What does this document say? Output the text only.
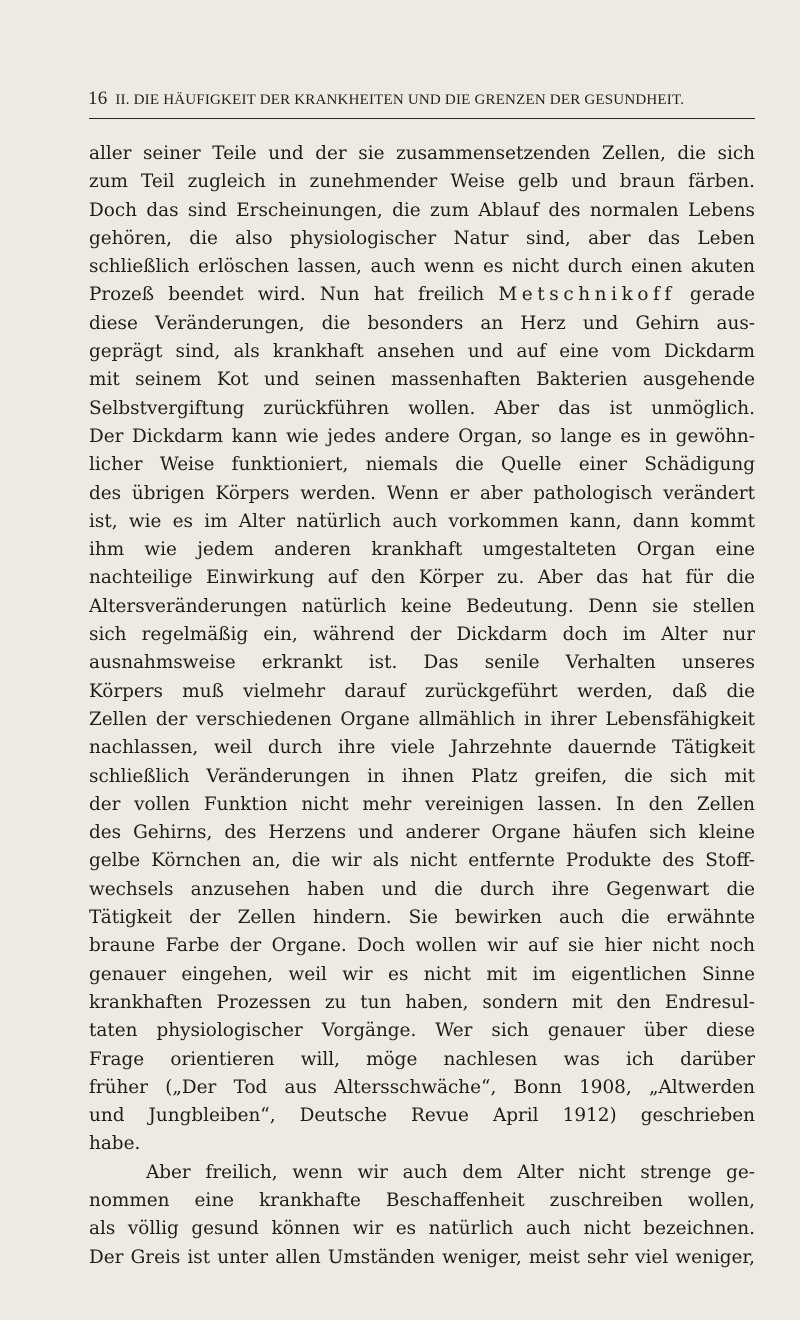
16 II. DIE HÄUFIGKEIT DER KRANKHEITEN UND DIE GRENZEN DER GESUNDHEIT.
aller seiner Teile und der sie zusammensetzenden Zellen, die sich
zum Teil zugleich in zunehmender Weise gelb und braun färben.
Doch das sind Erscheinungen, die zum Ablauf des normalen Lebens
gehören, die also physiologischer Natur sind, aber das Leben
schließlich erlöschen lassen, auch wenn es nicht durch einen akuten
Prozeß beendet wird. Nun hat freilich Metschnikoff gerade
diese Veränderungen, die besonders an Herz und Gehirn aus-
geprägt sind, als krankhaft ansehen und auf eine vom Dickdarm
mit seinem Kot und seinen massenhaften Bakterien ausgehende
Selbstvergiftung zurückführen wollen. Aber das ist unmöglich.
Der Dickdarm kann wie jedes andere Organ, so lange es in gewöhn-
licher Weise funktioniert, niemals die Quelle einer Schädigung
des übrigen Körpers werden. Wenn er aber pathologisch verändert
ist, wie es im Alter natürlich auch vorkommen kann, dann kommt
ihm wie jedem anderen krankhaft umgestalteten Organ eine
nachteilige Einwirkung auf den Körper zu. Aber das hat für die
Altersveränderungen natürlich keine Bedeutung. Denn sie stellen
sich regelmäßig ein, während der Dickdarm doch im Alter nur
ausnahmsweise erkrankt ist. Das senile Verhalten unseres
Körpers muß vielmehr darauf zurückgeführt werden, daß die
Zellen der verschiedenen Organe allmählich in ihrer Lebensfähigkeit
nachlassen, weil durch ihre viele Jahrzehnte dauernde Tätigkeit
schließlich Veränderungen in ihnen Platz greifen, die sich mit
der vollen Funktion nicht mehr vereinigen lassen. In den Zellen
des Gehirns, des Herzens und anderer Organe häufen sich kleine
gelbe Körnchen an, die wir als nicht entfernte Produkte des Stoff-
wechsels anzusehen haben und die durch ihre Gegenwart die
Tätigkeit der Zellen hindern. Sie bewirken auch die erwähnte
braune Farbe der Organe. Doch wollen wir auf sie hier nicht noch
genauer eingehen, weil wir es nicht mit im eigentlichen Sinne
krankhaften Prozessen zu tun haben, sondern mit den Endresul-
taten physiologischer Vorgänge. Wer sich genauer über diese
Frage orientieren will, möge nachlesen was ich darüber
früher („Der Tod aus Altersschwäche“, Bonn 1908, „Altwerden
und Jungbleiben“, Deutsche Revue April 1912) geschrieben
habe.
Aber freilich, wenn wir auch dem Alter nicht strenge ge-
nommen eine krankhafte Beschaffenheit zuschreiben wollen,
als völlig gesund können wir es natürlich auch nicht bezeichnen.
Der Greis ist unter allen Umständen weniger, meist sehr viel weniger,
